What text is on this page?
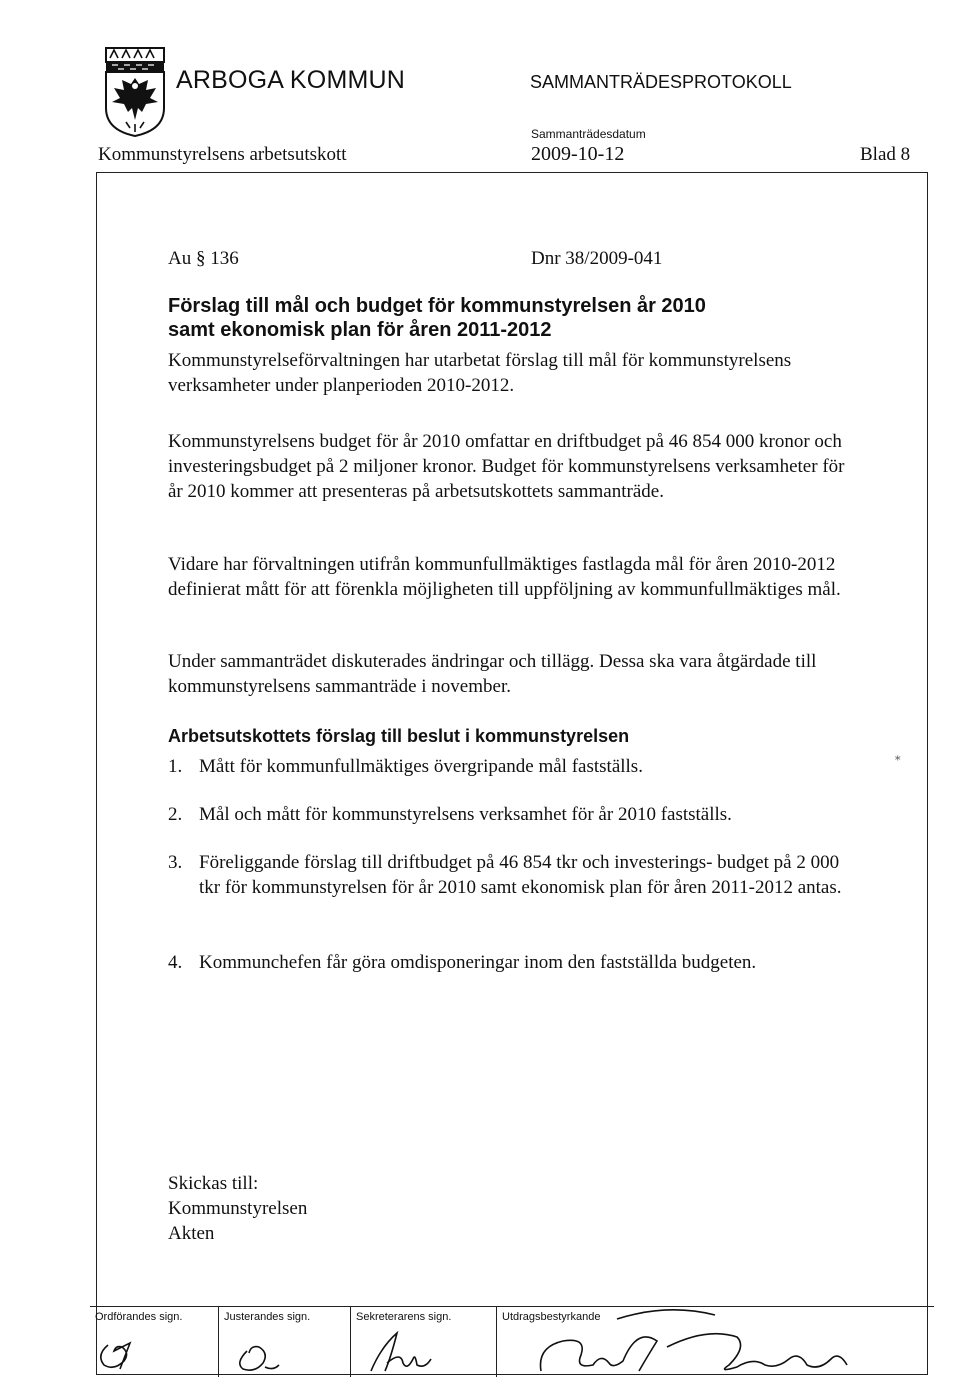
ARBOGA KOMMUN	SAMMANTRÄDESPROTOKOLL
Kommunstyrelsens arbetsutskott
Sammanträdesdatum
2009-10-12	Blad 8
Au § 136	Dnr 38/2009-041
Förslag till mål och budget för kommunstyrelsen år 2010
samt ekonomisk plan för åren 2011-2012

Kommunstyrelseförvaltningen har utarbetat förslag till mål för kommunstyrelsens verksamheter under planperioden 2010-2012.

Kommunstyrelsens budget för år 2010 omfattar en driftbudget på 46 854 000 kronor och investeringsbudget på 2 miljoner kronor. Budget för kommunstyrelsens verksamheter för år 2010 kommer att presenteras på arbetsutskottets sammanträde.

Vidare har förvaltningen utifrån kommunfullmäktiges fastlagda mål för åren 2010-2012 definierat mått för att förenkla möjligheten till uppföljning av kommunfullmäktiges mål.

Under sammanträdet diskuterades ändringar och tillägg. Dessa ska vara åtgärdade till kommunstyrelsens sammanträde i november.

Arbetsutskottets förslag till beslut i kommunstyrelsen
1. Mått för kommunfullmäktiges övergripande mål fastställs.
2. Mål och mått för kommunstyrelsens verksamhet för år 2010 fastställs.
3. Föreliggande förslag till driftbudget på 46 854 tkr och investerings- budget på 2 000 tkr för kommunstyrelsen för år 2010 samt ekonomisk plan för åren 2011-2012 antas.
4. Kommunchefen får göra omdisponeringar inom den fastställda budgeten.
⁎
Skickas till:
Kommunstyrelsen
Akten
Ordförandes sign.	Justerandes sign.	Sekreterarens sign.	Utdragsbestyrkande
